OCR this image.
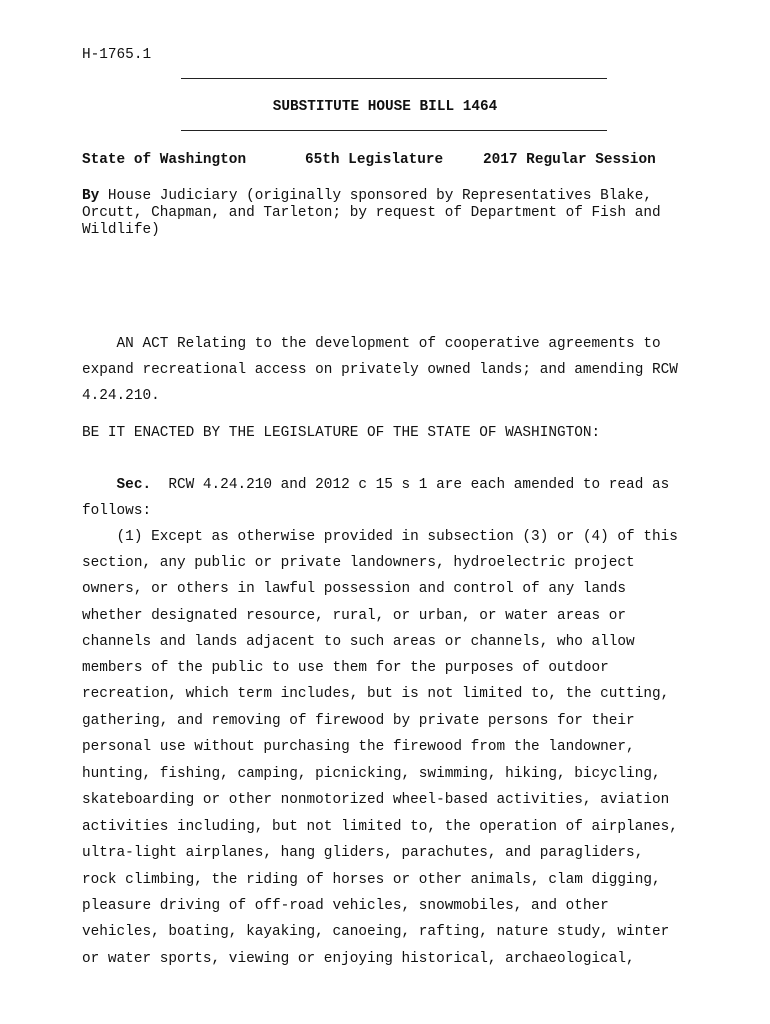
H-1765.1
SUBSTITUTE HOUSE BILL 1464
State of Washington	65th Legislature	2017 Regular Session
By House Judiciary (originally sponsored by Representatives Blake,
Orcutt, Chapman, and Tarleton; by request of Department of Fish and
Wildlife)
AN ACT Relating to the development of cooperative agreements to
expand recreational access on privately owned lands; and amending RCW
4.24.210.
BE IT ENACTED BY THE LEGISLATURE OF THE STATE OF WASHINGTON:
Sec.  RCW 4.24.210 and 2012 c 15 s 1 are each amended to read as
follows:
(1) Except as otherwise provided in subsection (3) or (4) of this
section, any public or private landowners, hydroelectric project
owners, or others in lawful possession and control of any lands
whether designated resource, rural, or urban, or water areas or
channels and lands adjacent to such areas or channels, who allow
members of the public to use them for the purposes of outdoor
recreation, which term includes, but is not limited to, the cutting,
gathering, and removing of firewood by private persons for their
personal use without purchasing the firewood from the landowner,
hunting, fishing, camping, picnicking, swimming, hiking, bicycling,
skateboarding or other nonmotorized wheel-based activities, aviation
activities including, but not limited to, the operation of airplanes,
ultra-light airplanes, hang gliders, parachutes, and paragliders,
rock climbing, the riding of horses or other animals, clam digging,
pleasure driving of off-road vehicles, snowmobiles, and other
vehicles, boating, kayaking, canoeing, rafting, nature study, winter
or water sports, viewing or enjoying historical, archaeological,
